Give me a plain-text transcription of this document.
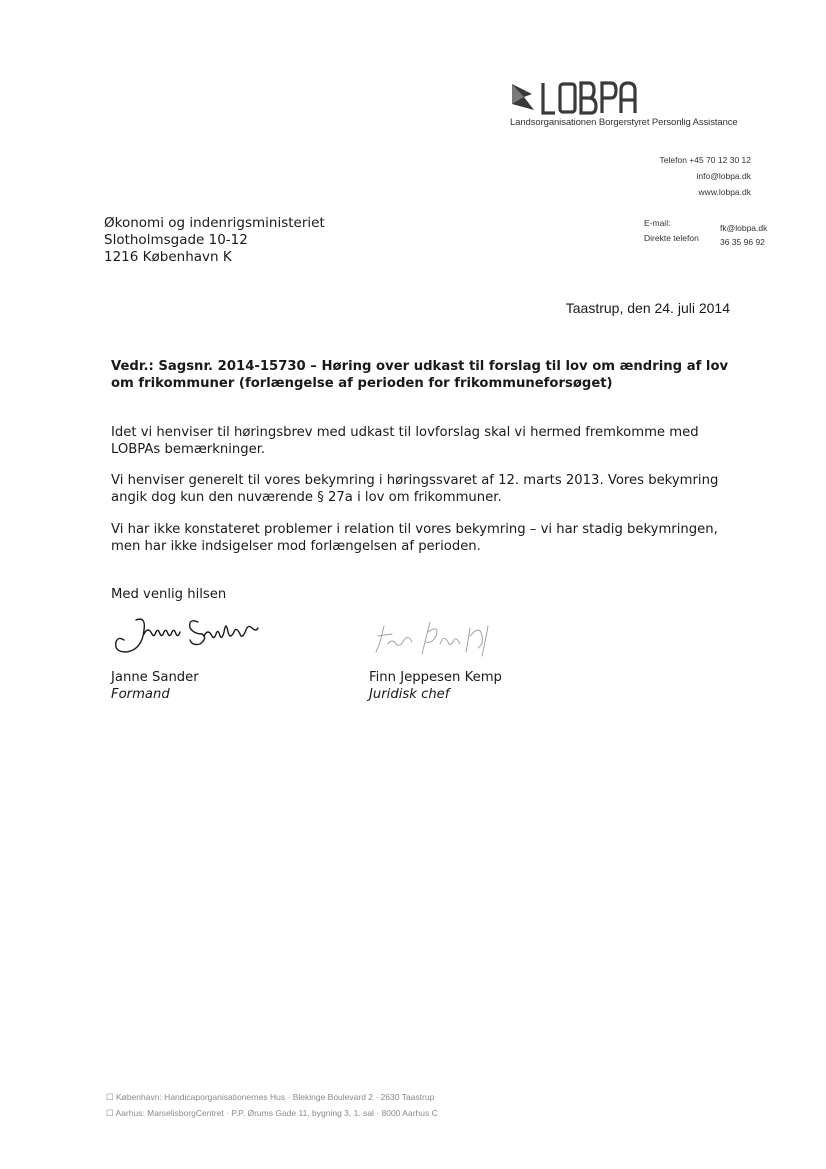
Landsorganisationen Borgerstyret Personlig Assistance
Telefon +45 70 12 30 12
info@lobpa.dk
www.lobpa.dk
E-mail:	fk@lobpa.dk
Direkte telefon 36 35 96 92
Økonomi og indenrigsministeriet
Slotholmsgade 10-12
1216 København K
Taastrup, den 24. juli 2014
Vedr.: Sagsnr. 2014-15730 – Høring over udkast til forslag til lov om ændring af lov om frikommuner (forlængelse af perioden for frikommuneforsøget)
Idet vi henviser til høringsbrev med udkast til lovforslag skal vi hermed fremkomme med LOBPAs bemærkninger.
Vi henviser generelt til vores bekymring i høringssvaret af 12. marts 2013. Vores bekymring angik dog kun den nuværende § 27a i lov om frikommuner.
Vi har ikke konstateret problemer i relation til vores bekymring – vi har stadig bekymringen, men har ikke indsigelser mod forlængelsen af perioden.
Med venlig hilsen
Janne Sander
Formand
Finn Jeppesen Kemp
Juridisk chef
☐ København: Handicaporganisationernes Hus · Blekinge Boulevard 2 · 2630 Taastrup
☐ Aarhus: MarselisborgCentret · P.P. Ørums Gade 11, bygning 3, 1. sal · 8000 Aarhus C
